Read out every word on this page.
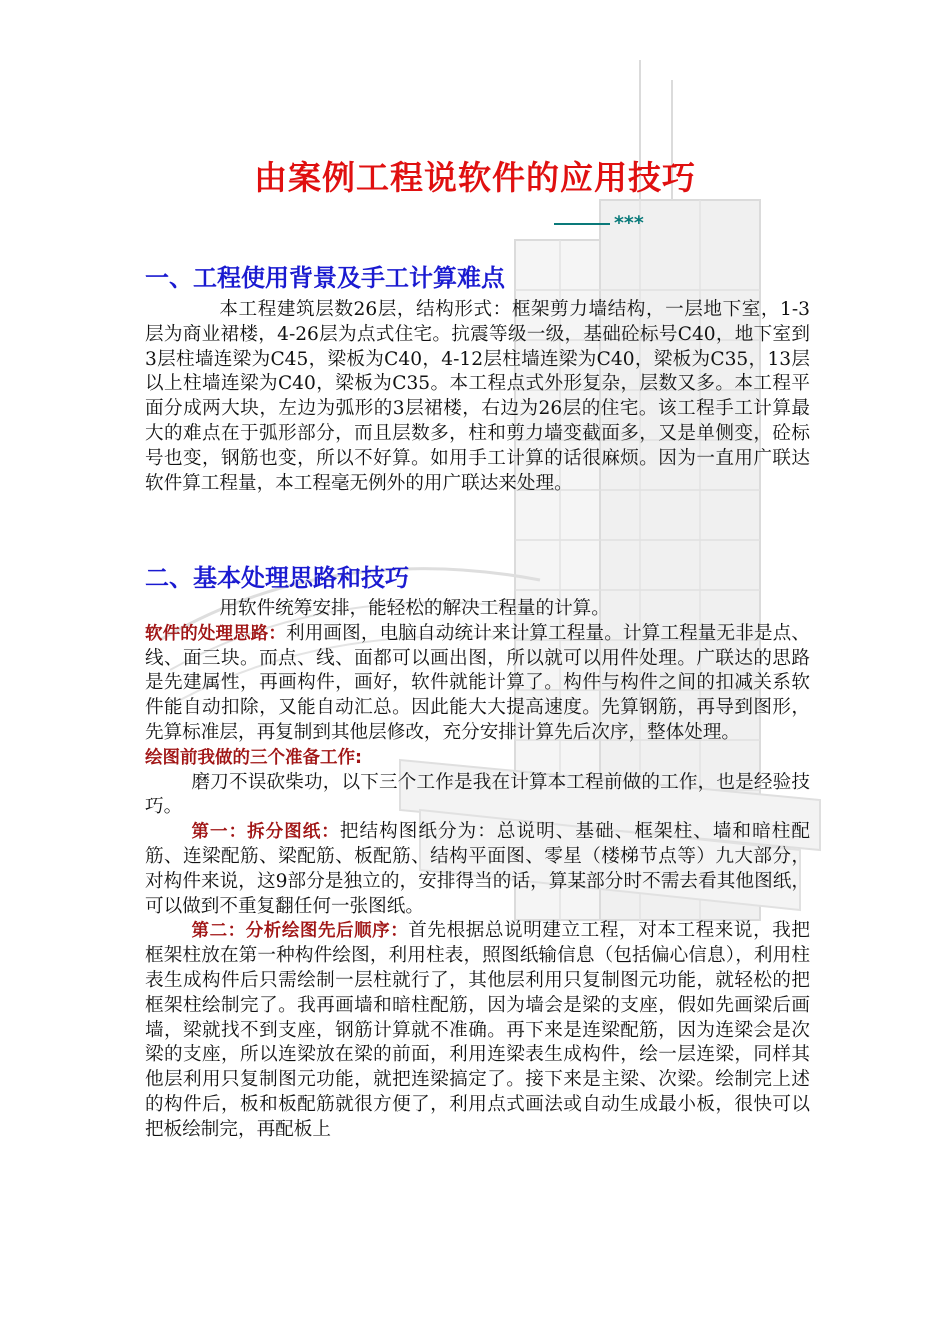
由案例工程说软件的应用技巧
***
一、工程使用背景及手工计算难点

本工程建筑层数26层，结构形式：框架剪力墙结构，一层地下室，1-3层为商业裙楼，4-26层为点式住宅。抗震等级一级，基础砼标号C40，地下室到3层柱墙连梁为C45，梁板为C40，4-12层柱墙连梁为C40，梁板为C35，13层以上柱墙连梁为C40，梁板为C35。本工程点式外形复杂，层数又多。本工程平面分成两大块，左边为弧形的3层裙楼，右边为26层的住宅。该工程手工计算最大的难点在于弧形部分，而且层数多，柱和剪力墙变截面多，又是单侧变，砼标号也变，钢筋也变，所以不好算。如用手工计算的话很麻烦。因为一直用广联达软件算工程量，本工程毫无例外的用广联达来处理。

二、基本处理思路和技巧

用软件统筹安排，能轻松的解决工程量的计算。

软件的处理思路：利用画图，电脑自动统计来计算工程量。计算工程量无非是点、线、面三块。而点、线、面都可以画出图，所以就可以用件处理。广联达的思路是先建属性，再画构件，画好，软件就能计算了。构件与构件之间的扣减关系软件能自动扣除，又能自动汇总。因此能大大提高速度。先算钢筋，再导到图形，先算标准层，再复制到其他层修改，充分安排计算先后次序，整体处理。

绘图前我做的三个准备工作:

磨刀不误砍柴功，以下三个工作是我在计算本工程前做的工作，也是经验技巧。

第一：拆分图纸：把结构图纸分为：总说明、基础、框架柱、墙和暗柱配筋、连梁配筋、梁配筋、板配筋、结构平面图、零星（楼梯节点等）九大部分，对构件来说，这9部分是独立的，安排得当的话，算某部分时不需去看其他图纸，可以做到不重复翻任何一张图纸。

第二：分析绘图先后顺序：首先根据总说明建立工程，对本工程来说，我把框架柱放在第一种构件绘图，利用柱表，照图纸输信息（包括偏心信息），利用柱表生成构件后只需绘制一层柱就行了，其他层利用只复制图元功能，就轻松的把框架柱绘制完了。我再画墙和暗柱配筋，因为墙会是梁的支座，假如先画梁后画墙，梁就找不到支座，钢筋计算就不准确。再下来是连梁配筋，因为连梁会是次梁的支座，所以连梁放在梁的前面，利用连梁表生成构件，绘一层连梁，同样其他层利用只复制图元功能，就把连梁搞定了。接下来是主梁、次梁。绘制完上述的构件后，板和板配筋就很方便了，利用点式画法或自动生成最小板，很快可以把板绘制完，再配板上
